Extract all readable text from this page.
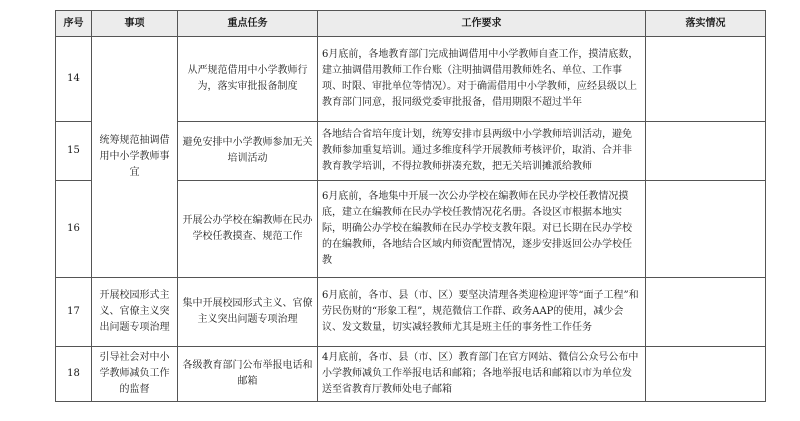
序号	事项	重点任务	工作要求	落实情况
14	统筹规范抽调借用中小学教师事宜	从严规范借用中小学教师行为，落实审批报备制度	6月底前，各地教育部门完成抽调借用中小学教师自查工作，摸清底数，建立抽调借用教师工作台账（注明抽调借用教师姓名、单位、工作事项、时限、审批单位等情况）。对于确需借用中小学教师，应经县级以上教育部门同意，报同级党委审批报备，借用期限不超过半年	
15		避免安排中小学教师参加无关培训活动	各地结合省培年度计划，统筹安排市县两级中小学教师培训活动，避免教师参加重复培训。通过多维度科学开展教师考核评价，取消、合并非教育教学培训，不得拉教师拼凑充数，把无关培训摊派给教师	
16		开展公办学校在编教师在民办学校任教摸查、规范工作	6月底前，各地集中开展一次公办学校在编教师在民办学校任教情况摸底，建立在编教师在民办学校任教情况花名册。各设区市根据本地实际，明确公办学校在编教师在民办学校支教年限。对已长期在民办学校的在编教师，各地结合区域内师资配置情况，逐步安排返回公办学校任教	
17	开展校园形式主义、官僚主义突出问题专项治理	集中开展校园形式主义、官僚主义突出问题专项治理	6月底前，各市、县（市、区）要坚决清理各类迎检迎评等“面子工程”和劳民伤财的“形象工程”，规范微信工作群、政务AAP的使用，减少会议、发文数量，切实减轻教师尤其是班主任的事务性工作任务	
18	引导社会对中小学教师减负工作的监督	各级教育部门公布举报电话和邮箱	4月底前，各市、县（市、区）教育部门在官方网站、微信公众号公布中小学教师减负工作举报电话和邮箱；各地举报电话和邮箱以市为单位发送至省教育厅教师处电子邮箱	
